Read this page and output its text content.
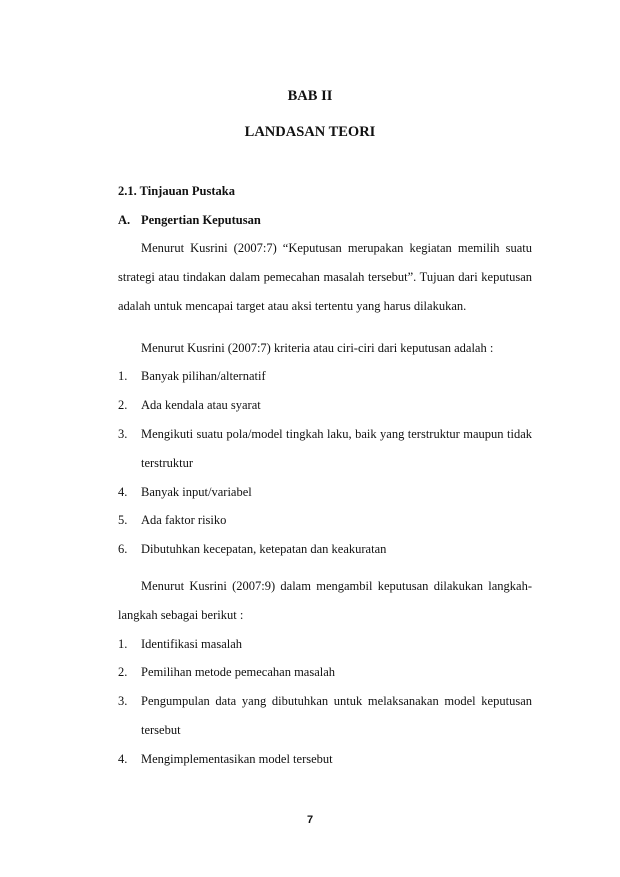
BAB II
LANDASAN TEORI
2.1. Tinjauan Pustaka
A. Pengertian Keputusan
Menurut Kusrini (2007:7) “Keputusan merupakan kegiatan memilih suatu
strategi atau tindakan dalam pemecahan masalah tersebut”. Tujuan dari keputusan
adalah untuk mencapai target atau aksi tertentu yang harus dilakukan.
Menurut Kusrini (2007:7) kriteria atau ciri-ciri dari keputusan adalah :
1. Banyak pilihan/alternatif
2. Ada kendala atau syarat
3. Mengikuti suatu pola/model tingkah laku, baik yang terstruktur maupun tidak
terstruktur
4. Banyak input/variabel
5. Ada faktor risiko
6. Dibutuhkan kecepatan, ketepatan dan keakuratan
Menurut Kusrini (2007:9) dalam mengambil keputusan dilakukan langkah-
langkah sebagai berikut :
1. Identifikasi masalah
2. Pemilihan metode pemecahan masalah
3. Pengumpulan data yang dibutuhkan untuk melaksanakan model keputusan
tersebut
4. Mengimplementasikan model tersebut
7
